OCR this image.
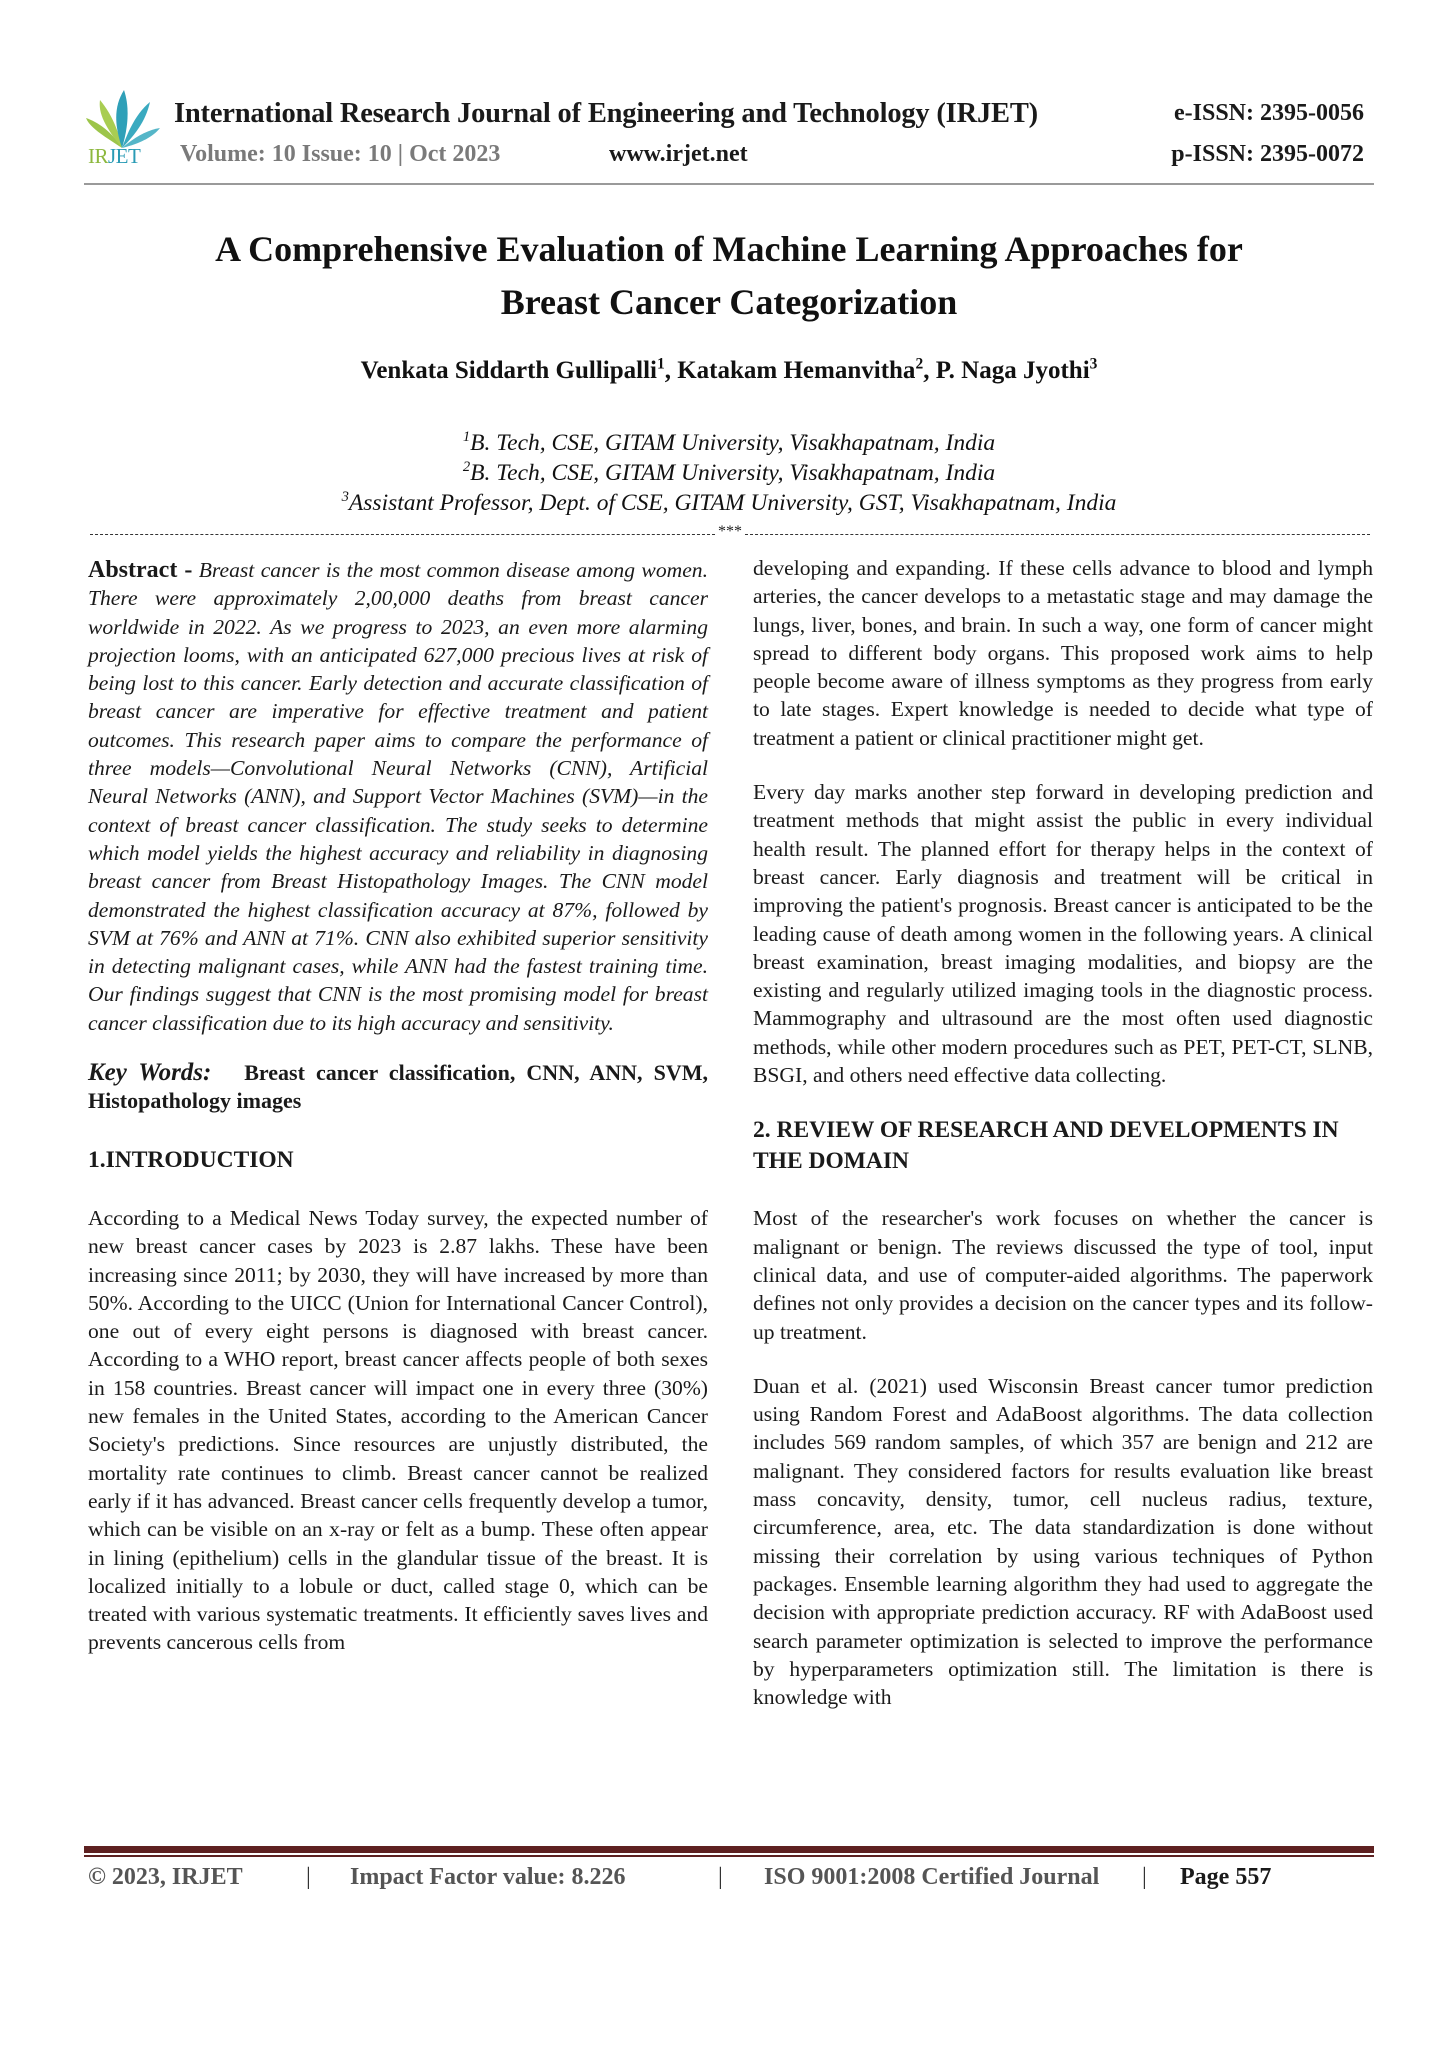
IRJET
International Research Journal of Engineering and Technology (IRJET)	e-ISSN: 2395-0056
Volume: 10 Issue: 10 | Oct 2023	www.irjet.net	p-ISSN: 2395-0072
A Comprehensive Evaluation of Machine Learning Approaches for
Breast Cancer Categorization
Venkata Siddarth Gullipalli$^1$, Katakam Hemanvitha$^2$, P. Naga Jyothi$^3$
$^1$B. Tech, CSE, GITAM University, Visakhapatnam, India
$^2$B. Tech, CSE, GITAM University, Visakhapatnam, India
$^3$Assistant Professor, Dept. of CSE, GITAM University, GST, Visakhapatnam, India
***

Abstract - Breast cancer is the most common disease among women. There were approximately 2,00,000 deaths from breast cancer worldwide in 2022. As we progress to 2023, an even more alarming projection looms, with an anticipated 627,000 precious lives at risk of being lost to this cancer. Early detection and accurate classification of breast cancer are imperative for effective treatment and patient outcomes. This research paper aims to compare the performance of three models—Convolutional Neural Networks (CNN), Artificial Neural Networks (ANN), and Support Vector Machines (SVM)—in the context of breast cancer classification. The study seeks to determine which model yields the highest accuracy and reliability in diagnosing breast cancer from Breast Histopathology Images. The CNN model demonstrated the highest classification accuracy at 87%, followed by SVM at 76% and ANN at 71%. CNN also exhibited superior sensitivity in detecting malignant cases, while ANN had the fastest training time. Our findings suggest that CNN is the most promising model for breast cancer classification due to its high accuracy and sensitivity.

Key Words: Breast cancer classification, CNN, ANN, SVM, Histopathology images

1.INTRODUCTION

According to a Medical News Today survey, the expected number of new breast cancer cases by 2023 is 2.87 lakhs. These have been increasing since 2011; by 2030, they will have increased by more than 50%. According to the UICC (Union for International Cancer Control), one out of every eight persons is diagnosed with breast cancer. According to a WHO report, breast cancer affects people of both sexes in 158 countries. Breast cancer will impact one in every three (30%) new females in the United States, according to the American Cancer Society's predictions. Since resources are unjustly distributed, the mortality rate continues to climb. Breast cancer cannot be realized early if it has advanced. Breast cancer cells frequently develop a tumor, which can be visible on an x-ray or felt as a bump. These often appear in lining (epithelium) cells in the glandular tissue of the breast. It is localized initially to a lobule or duct, called stage 0, which can be treated with various systematic treatments. It efficiently saves lives and prevents cancerous cells from

developing and expanding. If these cells advance to blood and lymph arteries, the cancer develops to a metastatic stage and may damage the lungs, liver, bones, and brain. In such a way, one form of cancer might spread to different body organs. This proposed work aims to help people become aware of illness symptoms as they progress from early to late stages. Expert knowledge is needed to decide what type of treatment a patient or clinical practitioner might get.

Every day marks another step forward in developing prediction and treatment methods that might assist the public in every individual health result. The planned effort for therapy helps in the context of breast cancer. Early diagnosis and treatment will be critical in improving the patient's prognosis. Breast cancer is anticipated to be the leading cause of death among women in the following years. A clinical breast examination, breast imaging modalities, and biopsy are the existing and regularly utilized imaging tools in the diagnostic process. Mammography and ultrasound are the most often used diagnostic methods, while other modern procedures such as PET, PET-CT, SLNB, BSGI, and others need effective data collecting.

2. REVIEW OF RESEARCH AND DEVELOPMENTS IN THE DOMAIN

Most of the researcher's work focuses on whether the cancer is malignant or benign. The reviews discussed the type of tool, input clinical data, and use of computer-aided algorithms. The paperwork defines not only provides a decision on the cancer types and its follow-up treatment.

Duan et al. (2021) used Wisconsin Breast cancer tumor prediction using Random Forest and AdaBoost algorithms. The data collection includes 569 random samples, of which 357 are benign and 212 are malignant. They considered factors for results evaluation like breast mass concavity, density, tumor, cell nucleus radius, texture, circumference, area, etc. The data standardization is done without missing their correlation by using various techniques of Python packages. Ensemble learning algorithm they had used to aggregate the decision with appropriate prediction accuracy. RF with AdaBoost used search parameter optimization is selected to improve the performance by hyperparameters optimization still. The limitation is there is knowledge with

© 2023, IRJET	| Impact Factor value: 8.226	| ISO 9001:2008 Certified Journal | Page 557
